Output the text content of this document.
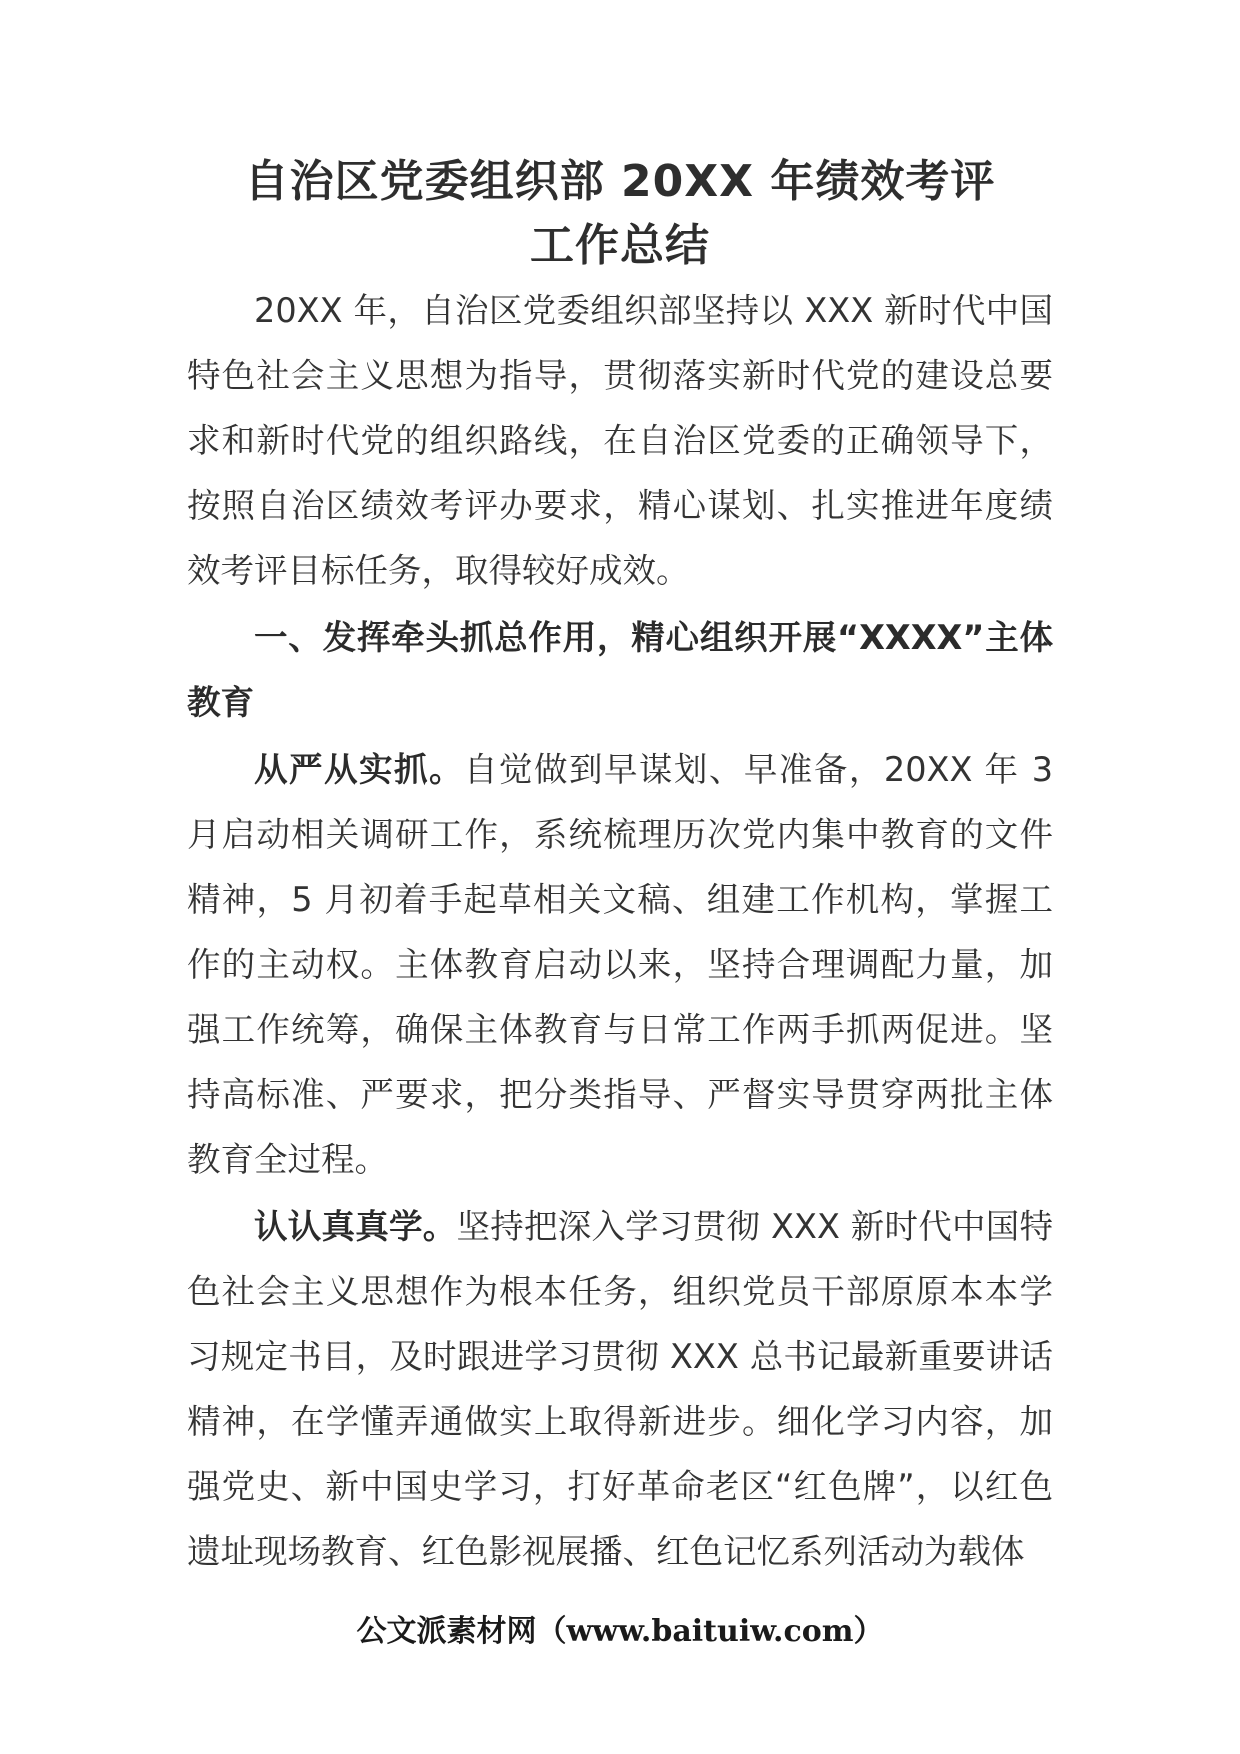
自治区党委组织部 20XX 年绩效考评
工作总结

20XX 年，自治区党委组织部坚持以 XXX 新时代中国特色社会主义思想为指导，贯彻落实新时代党的建设总要求和新时代党的组织路线，在自治区党委的正确领导下，按照自治区绩效考评办要求，精心谋划、扎实推进年度绩效考评目标任务，取得较好成效。

一、发挥牵头抓总作用，精心组织开展“XXXX”主体教育

从严从实抓。自觉做到早谋划、早准备，20XX 年 3 月启动相关调研工作，系统梳理历次党内集中教育的文件精神，5 月初着手起草相关文稿、组建工作机构，掌握工作的主动权。主体教育启动以来，坚持合理调配力量，加强工作统筹，确保主体教育与日常工作两手抓两促进。坚持高标准、严要求，把分类指导、严督实导贯穿两批主体教育全过程。

认认真真学。坚持把深入学习贯彻 XXX 新时代中国特色社会主义思想作为根本任务，组织党员干部原原本本学习规定书目，及时跟进学习贯彻 XXX 总书记最新重要讲话精神，在学懂弄通做实上取得新进步。细化学习内容，加强党史、新中国史学习，打好革命老区“红色牌”，以红色遗址现场教育、红色影视展播、红色记忆系列活动为载体

公文派素材网（www.baituiw.com）
